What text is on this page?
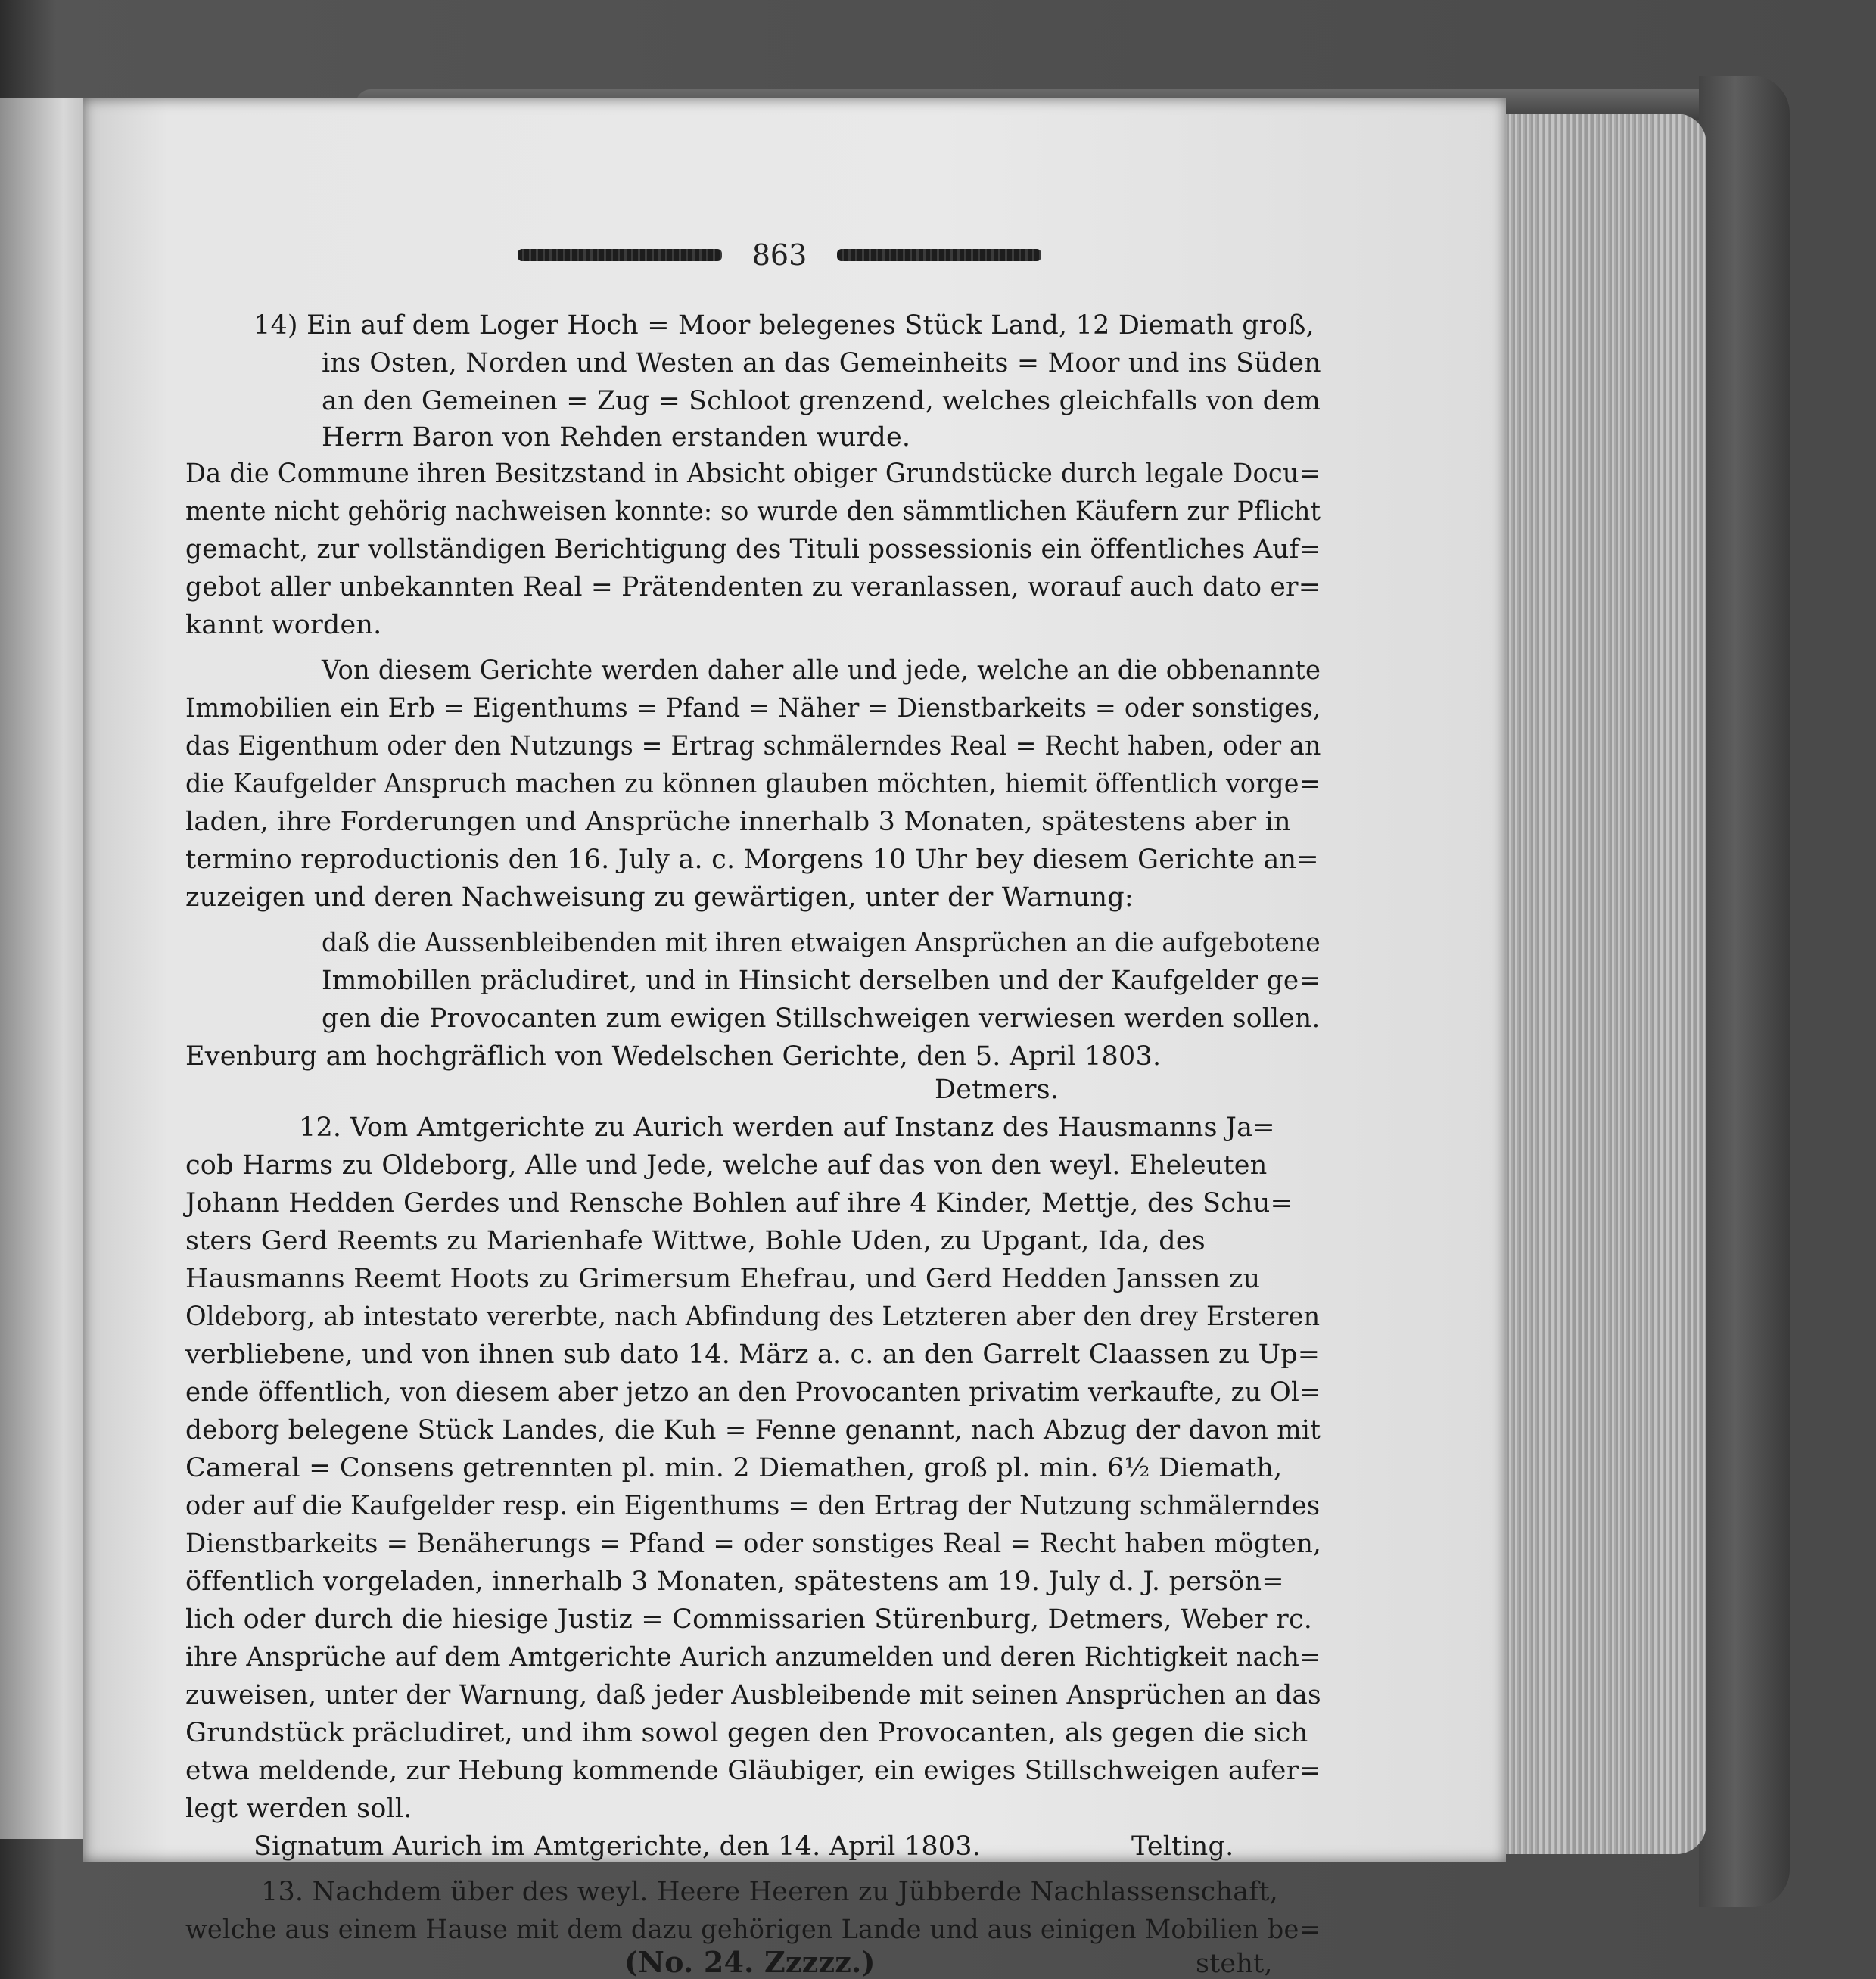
863
14) Ein auf dem Loger Hoch = Moor belegenes Stück Land, 12 Diemath groß,
ins Osten, Norden und Westen an das Gemeinheits = Moor und ins Süden
an den Gemeinen = Zug = Schloot grenzend, welches gleichfalls von dem
Herrn Baron von Rehden erstanden wurde.
Da die Commune ihren Besitzstand in Absicht obiger Grundstücke durch legale Docu=
mente nicht gehörig nachweisen konnte: so wurde den sämmtlichen Käufern zur Pflicht
gemacht, zur vollständigen Berichtigung des Tituli possessionis ein öffentliches Auf=
gebot aller unbekannten Real = Prätendenten zu veranlassen, worauf auch dato er=
kannt worden.
Von diesem Gerichte werden daher alle und jede, welche an die obbenannte
Immobilien ein Erb = Eigenthums = Pfand = Näher = Dienstbarkeits = oder sonstiges,
das Eigenthum oder den Nutzungs = Ertrag schmälerndes Real = Recht haben, oder an
die Kaufgelder Anspruch machen zu können glauben möchten, hiemit öffentlich vorge=
laden, ihre Forderungen und Ansprüche innerhalb 3 Monaten, spätestens aber in
termino reproductionis den 16. July a. c. Morgens 10 Uhr bey diesem Gerichte an=
zuzeigen und deren Nachweisung zu gewärtigen, unter der Warnung:
daß die Aussenbleibenden mit ihren etwaigen Ansprüchen an die aufgebotene
Immobillen präcludiret, und in Hinsicht derselben und der Kaufgelder ge=
gen die Provocanten zum ewigen Stillschweigen verwiesen werden sollen.
Evenburg am hochgräflich von Wedelschen Gerichte, den 5. April 1803.
Detmers.
12. Vom Amtgerichte zu Aurich werden auf Instanz des Hausmanns Ja=
cob Harms zu Oldeborg, Alle und Jede, welche auf das von den weyl. Eheleuten
Johann Hedden Gerdes und Rensche Bohlen auf ihre 4 Kinder, Mettje, des Schu=
sters Gerd Reemts zu Marienhafe Wittwe, Bohle Uden, zu Upgant, Ida, des
Hausmanns Reemt Hoots zu Grimersum Ehefrau, und Gerd Hedden Janssen zu
Oldeborg, ab intestato vererbte, nach Abfindung des Letzteren aber den drey Ersteren
verbliebene, und von ihnen sub dato 14. März a. c. an den Garrelt Claassen zu Up=
ende öffentlich, von diesem aber jetzo an den Provocanten privatim verkaufte, zu Ol=
deborg belegene Stück Landes, die Kuh = Fenne genannt, nach Abzug der davon mit
Cameral = Consens getrennten pl. min. 2 Diemathen, groß pl. min. 6½ Diemath,
oder auf die Kaufgelder resp. ein Eigenthums = den Ertrag der Nutzung schmälerndes
Dienstbarkeits = Benäherungs = Pfand = oder sonstiges Real = Recht haben mögten,
öffentlich vorgeladen, innerhalb 3 Monaten, spätestens am 19. July d. J. persön=
lich oder durch die hiesige Justiz = Commissarien Stürenburg, Detmers, Weber rc.
ihre Ansprüche auf dem Amtgerichte Aurich anzumelden und deren Richtigkeit nach=
zuweisen, unter der Warnung, daß jeder Ausbleibende mit seinen Ansprüchen an das
Grundstück präcludiret, und ihm sowol gegen den Provocanten, als gegen die sich
etwa meldende, zur Hebung kommende Gläubiger, ein ewiges Stillschweigen aufer=
legt werden soll.
Signatum Aurich im Amtgerichte, den 14. April 1803.	Telting.
13. Nachdem über des weyl. Heere Heeren zu Jübberde Nachlassenschaft,
welche aus einem Hause mit dem dazu gehörigen Lande und aus einigen Mobilien be=
(No. 24. Zzzzz.)	steht,
